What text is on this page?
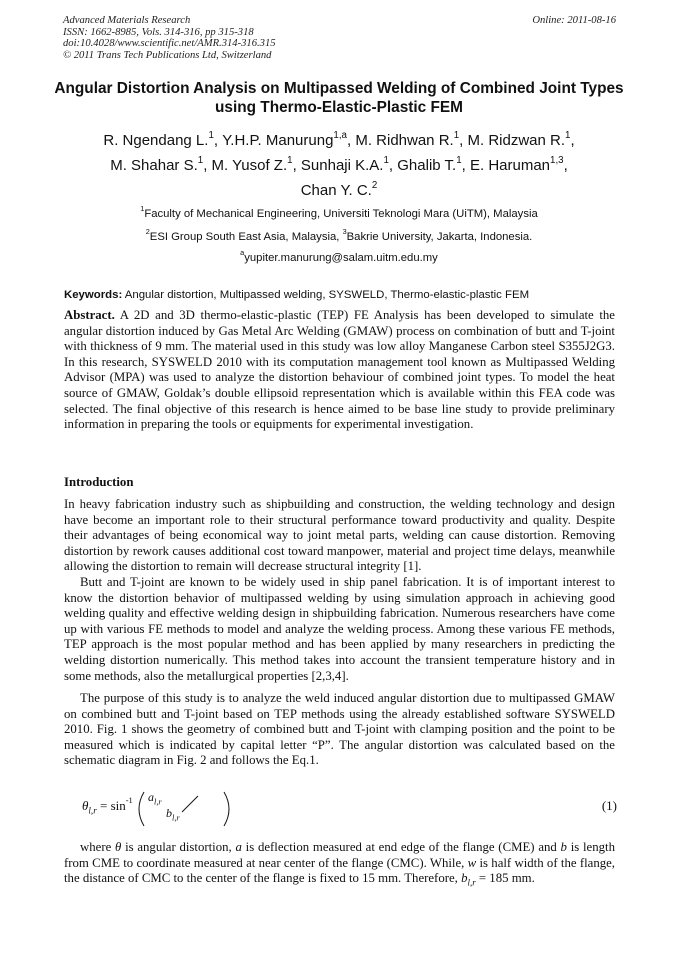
Advanced Materials Research
ISSN: 1662-8985, Vols. 314-316, pp 315-318
doi:10.4028/www.scientific.net/AMR.314-316.315
© 2011 Trans Tech Publications Ltd, Switzerland
Online: 2011-08-16
Angular Distortion Analysis on Multipassed Welding of Combined Joint Types using Thermo-Elastic-Plastic FEM
R. Ngendang L.$^1$, Y.H.P. Manurung$^{1,a}$, M. Ridhwan R.$^1$, M. Ridzwan R.$^1$,
M. Shahar S.$^1$, M. Yusof Z.$^1$, Sunhaji K.A.$^1$, Ghalib T.$^1$, E. Haruman$^{1,3}$,
Chan Y. C.$^2$
$^1$Faculty of Mechanical Engineering, Universiti Teknologi Mara (UiTM), Malaysia
$^2$ESI Group South East Asia, Malaysia, $^3$Bakrie University, Jakarta, Indonesia.
$^a$yupiter.manurung@salam.uitm.edu.my
Keywords: Angular distortion, Multipassed welding, SYSWELD, Thermo-elastic-plastic FEM
Abstract. A 2D and 3D thermo-elastic-plastic (TEP) FE Analysis has been developed to simulate the angular distortion induced by Gas Metal Arc Welding (GMAW) process on combination of butt and T-joint with thickness of 9 mm. The material used in this study was low alloy Manganese Carbon steel S355J2G3. In this research, SYSWELD 2010 with its computation management tool known as Multipassed Welding Advisor (MPA) was used to analyze the distortion behaviour of combined joint types. To model the heat source of GMAW, Goldak’s double ellipsoid representation which is available within this FEA code was selected. The final objective of this research is hence aimed to be base line study to provide preliminary information in preparing the tools or equipments for experimental investigation.
Introduction
In heavy fabrication industry such as shipbuilding and construction, the welding technology and design have become an important role to their structural performance toward productivity and quality. Despite their advantages of being economical way to joint metal parts, welding can cause distortion. Removing distortion by rework causes additional cost toward manpower, material and project time delays, meanwhile allowing the distortion to remain will decrease structural integrity [1].
Butt and T-joint are known to be widely used in ship panel fabrication. It is of important interest to know the distortion behavior of multipassed welding by using simulation approach in achieving good welding quality and effective welding design in shipbuilding fabrication. Numerous researchers have come up with various FE methods to model and analyze the welding process. Among these various FE methods, TEP approach is the most popular method and has been applied by many researchers in predicting the welding distortion numerically. This method takes into account the transient temperature history and in some methods, also the metallurgical properties [2,3,4].
The purpose of this study is to analyze the weld induced angular distortion due to multipassed GMAW on combined butt and T-joint based on TEP methods using the already established software SYSWELD 2010. Fig. 1 shows the geometry of combined butt and T-joint with clamping position and the point to be measured which is indicated by capital letter “P”. The angular distortion was calculated based on the schematic diagram in Fig. 2 and follows the Eq.1.
$\theta_{l,r} = \sin^{-1} a_{l,r}$
$b_{l,r}$
(1)
where θ is angular distortion, a is deflection measured at end edge of the flange (CME) and b is length from CME to coordinate measured at near center of the flange (CMC). While, w is half width of the flange, the distance of CMC to the center of the flange is fixed to 15 mm. Therefore, $b_{l,r} = 185$ mm.
